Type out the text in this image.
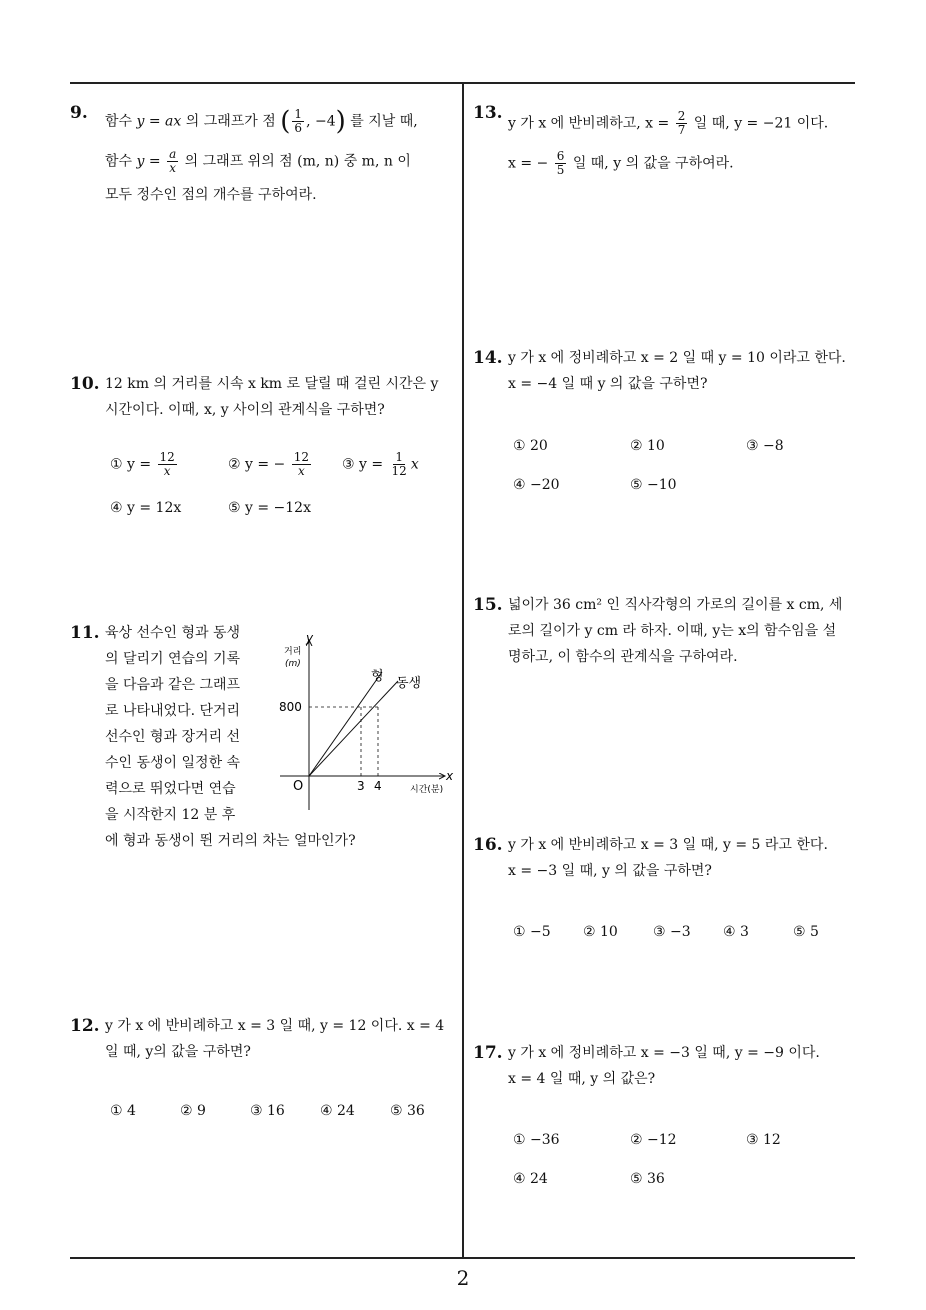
2
9. 함수 y = ax 의 그래프가 점 ( $\frac{1}{6}$ , −4) 를 지날 때,
함수 $y = \frac{a}{x}$ 의 그래프 위의 점 (m, n) 중 m, n 이
모두 정수인 점의 개수를 구하여라.
10. 12 km 의 거리를 시속 x km 로 달릴 때 걸린 시간은 y
시간이다. 이때, x, y 사이의 관계식을 구하면?
① $y = \frac{12}{x}$	② y = − $\frac{12}{x}$ ③ $y = \frac{1}{12}$ x
④ y = 12x	⑤ y = −12x
11. 육상 선수인 형과 동생
의 달리기 연습의 기록
을 다음과 같은 그래프
로 나타내었다. 단거리
선수인 형과 장거리 선
수인 동생이 일정한 속
력으로 뛰었다면 연습
을 시작한지 12 분 후
에 형과 동생이 뛴 거리의 차는 얼마인가?
y
거리
(m)
800
O	3 4
x
시간(분)
형 동생
12. y 가 x 에 반비례하고 x = 3 일 때, y = 12 이다. x = 4
일 때, y의 값을 구하면?
① 4	② 9	③ 16	④ 24	⑤ 36
13.
y 가 x 에 반비례하고, $x = \frac{2}{7}$ 일 때, y = −21 이다.
x = − $\frac{6}{5}$ 일 때, y 의 값을 구하여라.
14. y 가 x 에 정비례하고 x = 2 일 때 y = 10 이라고 한다.
x = −4 일 때 y 의 값을 구하면?
① 20	② 10	③ −8
④ −20	⑤ −10
15. 넓이가 36 cm² 인 직사각형의 가로의 길이를 x cm, 세
로의 길이가 y cm 라 하자. 이때, y는 x의 함수임을 설
명하고, 이 함수의 관계식을 구하여라.
16. y 가 x 에 반비례하고 x = 3 일 때, y = 5 라고 한다.
x = −3 일 때, y 의 값을 구하면?
① −5 ② 10	③ −3 ④ 3	⑤ 5
17. y 가 x 에 정비례하고 x = −3 일 때, y = −9 이다.
x = 4 일 때, y 의 값은?
① −36	② −12	③ 12
④ 24	⑤ 36
